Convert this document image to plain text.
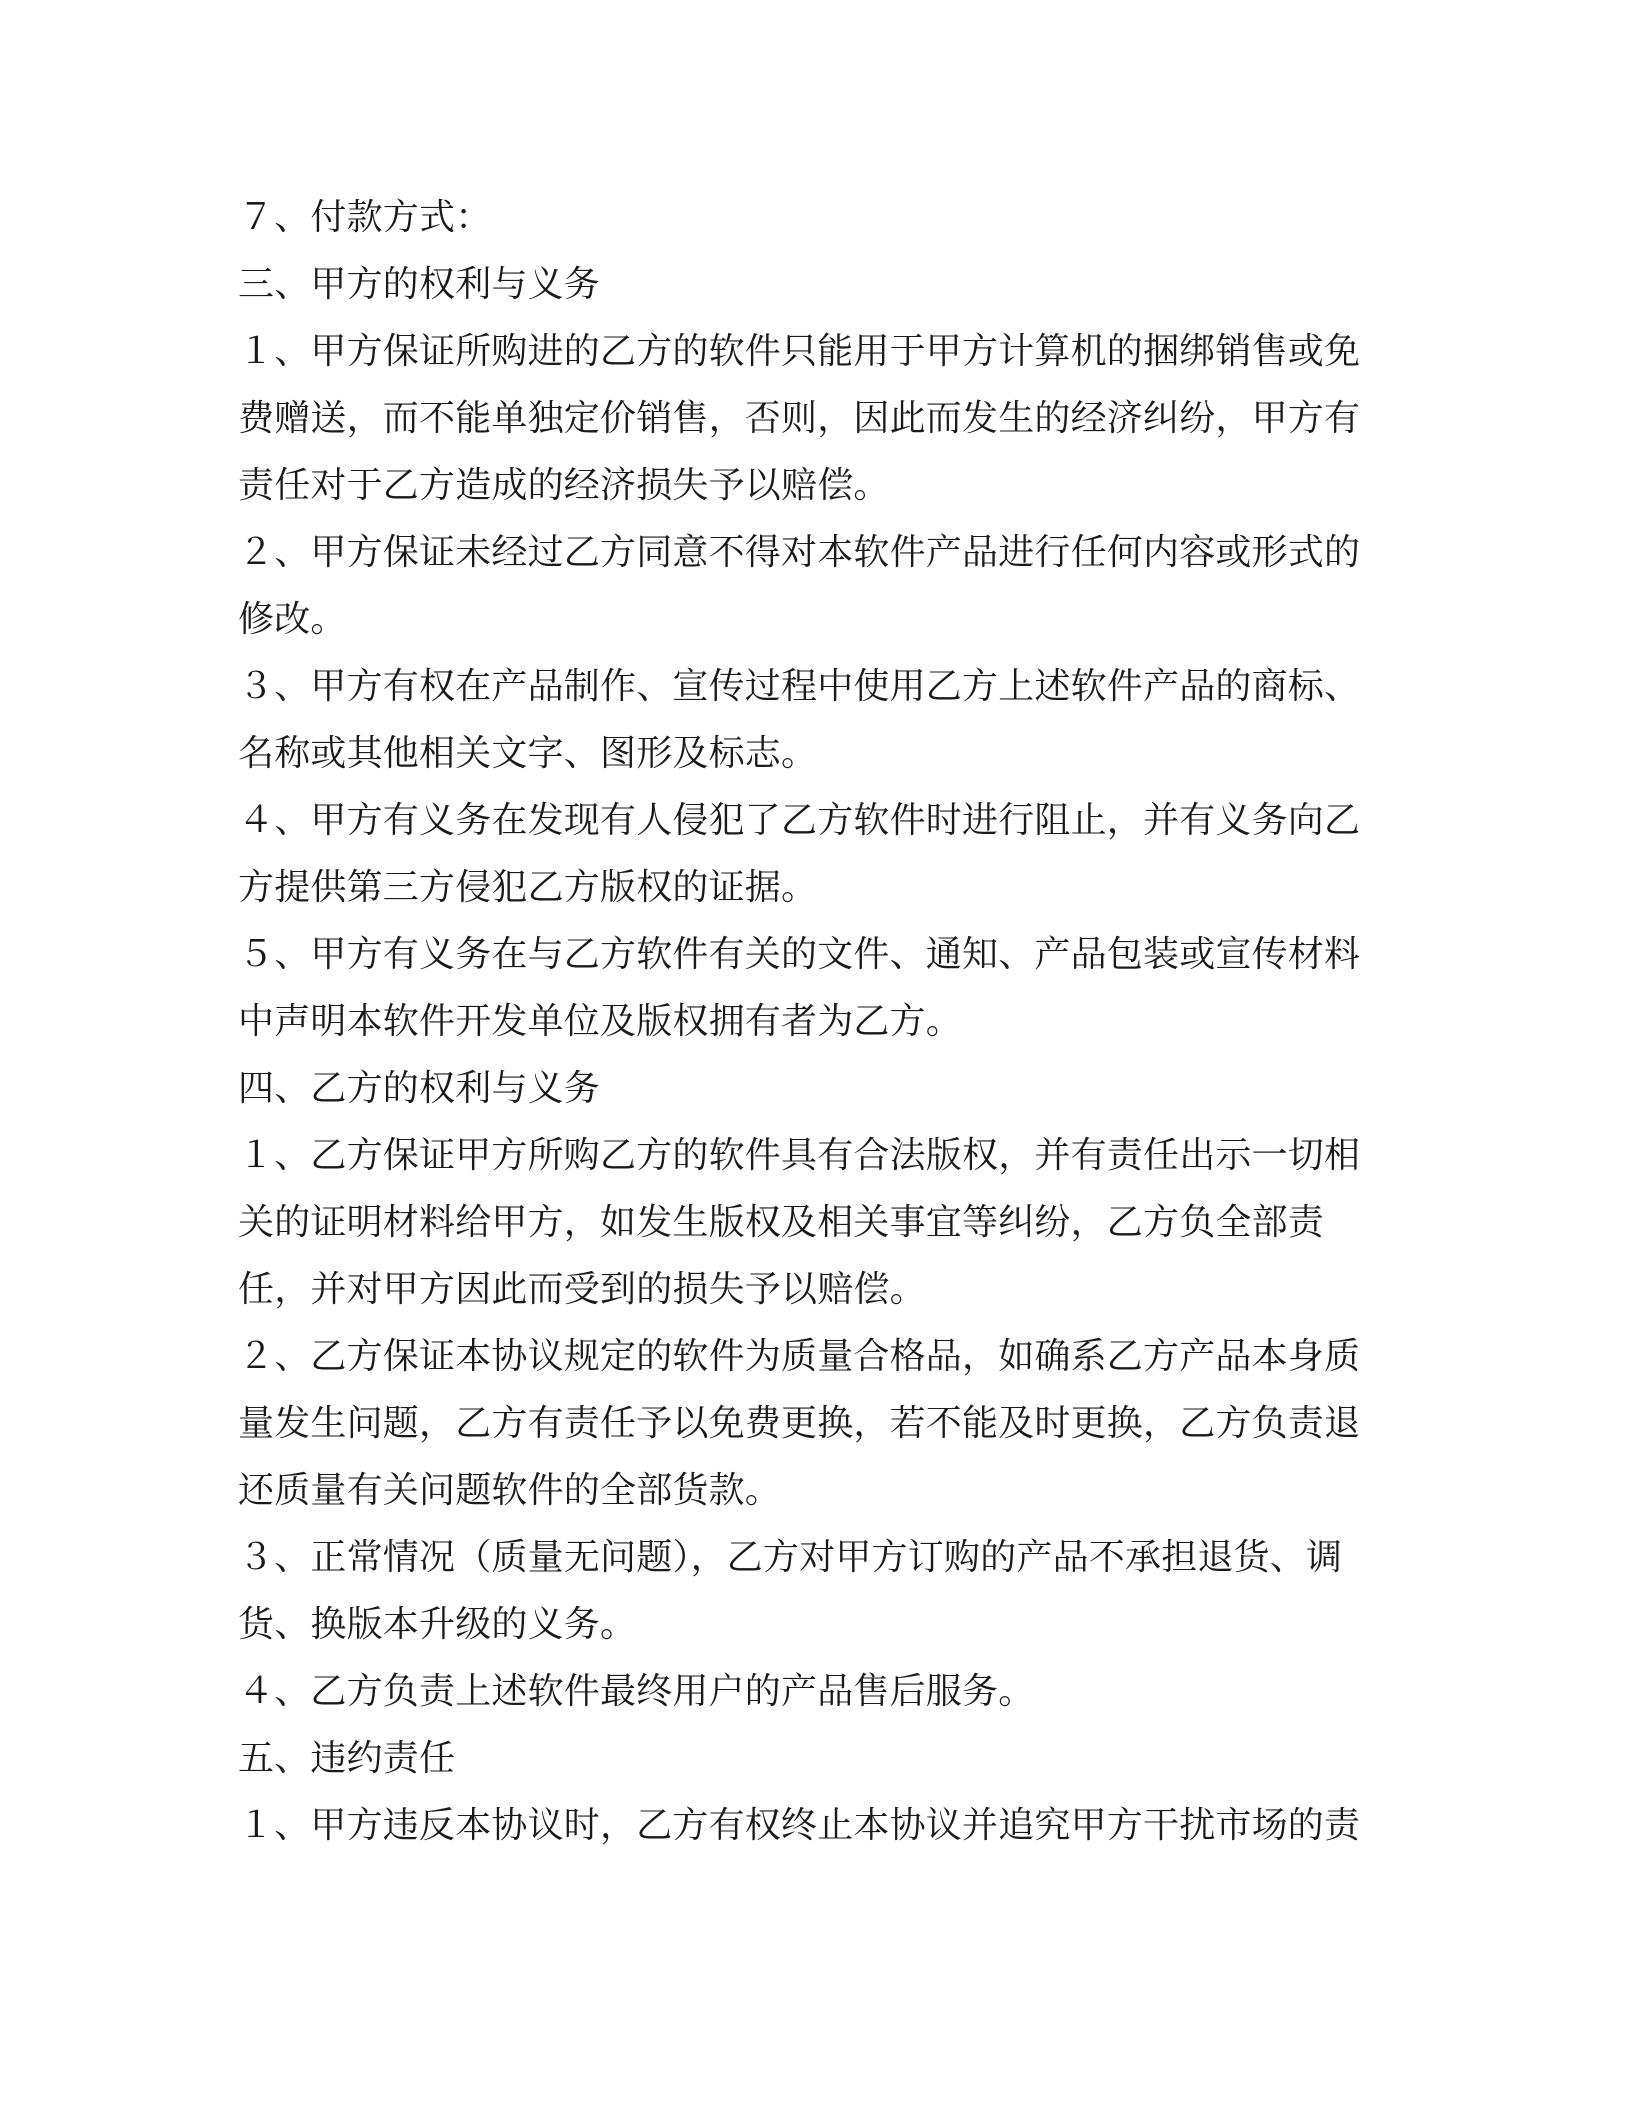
７、付款方式：

三、甲方的权利与义务

１、甲方保证所购进的乙方的软件只能用于甲方计算机的捆绑销售或免费赠送，而不能单独定价销售，否则，因此而发生的经济纠纷，甲方有责任对于乙方造成的经济损失予以赔偿。

２、甲方保证未经过乙方同意不得对本软件产品进行任何内容或形式的修改。

３、甲方有权在产品制作、宣传过程中使用乙方上述软件产品的商标、名称或其他相关文字、图形及标志。

４、甲方有义务在发现有人侵犯了乙方软件时进行阻止，并有义务向乙方提供第三方侵犯乙方版权的证据。

５、甲方有义务在与乙方软件有关的文件、通知、产品包装或宣传材料中声明本软件开发单位及版权拥有者为乙方。

四、乙方的权利与义务

１、乙方保证甲方所购乙方的软件具有合法版权，并有责任出示一切相关的证明材料给甲方，如发生版权及相关事宜等纠纷，乙方负全部责任，并对甲方因此而受到的损失予以赔偿。

２、乙方保证本协议规定的软件为质量合格品，如确系乙方产品本身质量发生问题，乙方有责任予以免费更换，若不能及时更换，乙方负责退还质量有关问题软件的全部货款。

３、正常情况（质量无问题），乙方对甲方订购的产品不承担退货、调货、换版本升级的义务。

４、乙方负责上述软件最终用户的产品售后服务。

五、违约责任

１、甲方违反本协议时，乙方有权终止本协议并追究甲方干扰市场的责
